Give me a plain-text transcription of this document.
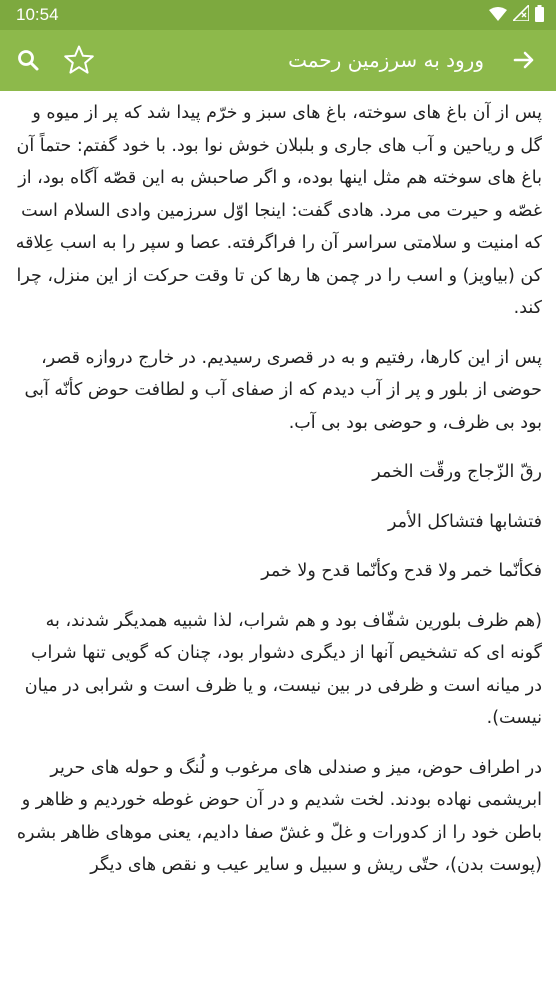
10:54
ورود به سرزمین رحمت

پس از آن باغ های سوخته، باغ های سبز و خرّم پیدا شد که پر از میوه و گل و ریاحین و آب های جاری و بلبلان خوش نوا بود. با خود گفتم: حتماً آن باغ های سوخته هم مثل اینها بوده، و اگر صاحبش به این قصّه آگاه بود، از غصّه و حیرت می مرد. هادی گفت: اینجا اوّل سرزمین وادی السلام است که امنیت و سلامتی سراسر آن را فراگرفته. عصا و سپر را به اسب عِلاقه کن (بیاویز) و اسب را در چمن ها رها کن تا وقت حرکت از این منزل، چرا کند.

پس از این کارها، رفتیم و به در قصری رسیدیم. در خارج دروازه قصر، حوضی از بلور و پر از آب دیدم که از صفای آب و لطافت حوض کأنّه آبی بود بی ظرف، و حوضی بود بی آب.

رقّ الزّجاج ورقّت الخمر

فتشابها فتشاکل الأمر

فکأنّما خمر ولا قدح وکأنّما قدح ولا خمر

(هم ظرف بلورین شفّاف بود و هم شراب، لذا شبیه همدیگر شدند، به گونه ای که تشخیص آنها از دیگری دشوار بود، چنان که گویی تنها شراب در میانه است و ظرفی در بین نیست، و یا ظرف است و شرابی در میان نیست).

در اطراف حوض، میز و صندلی های مرغوب و لُنگ و حوله های حریر ابریشمی نهاده بودند. لخت شدیم و در آن حوض غوطه خوردیم و ظاهر و باطن خود را از کدورات و غلّ و غشّ صفا دادیم، یعنی موهای ظاهر بشره (پوست بدن)، حتّی ریش و سبیل و سایر عیب و نقص های دیگر
